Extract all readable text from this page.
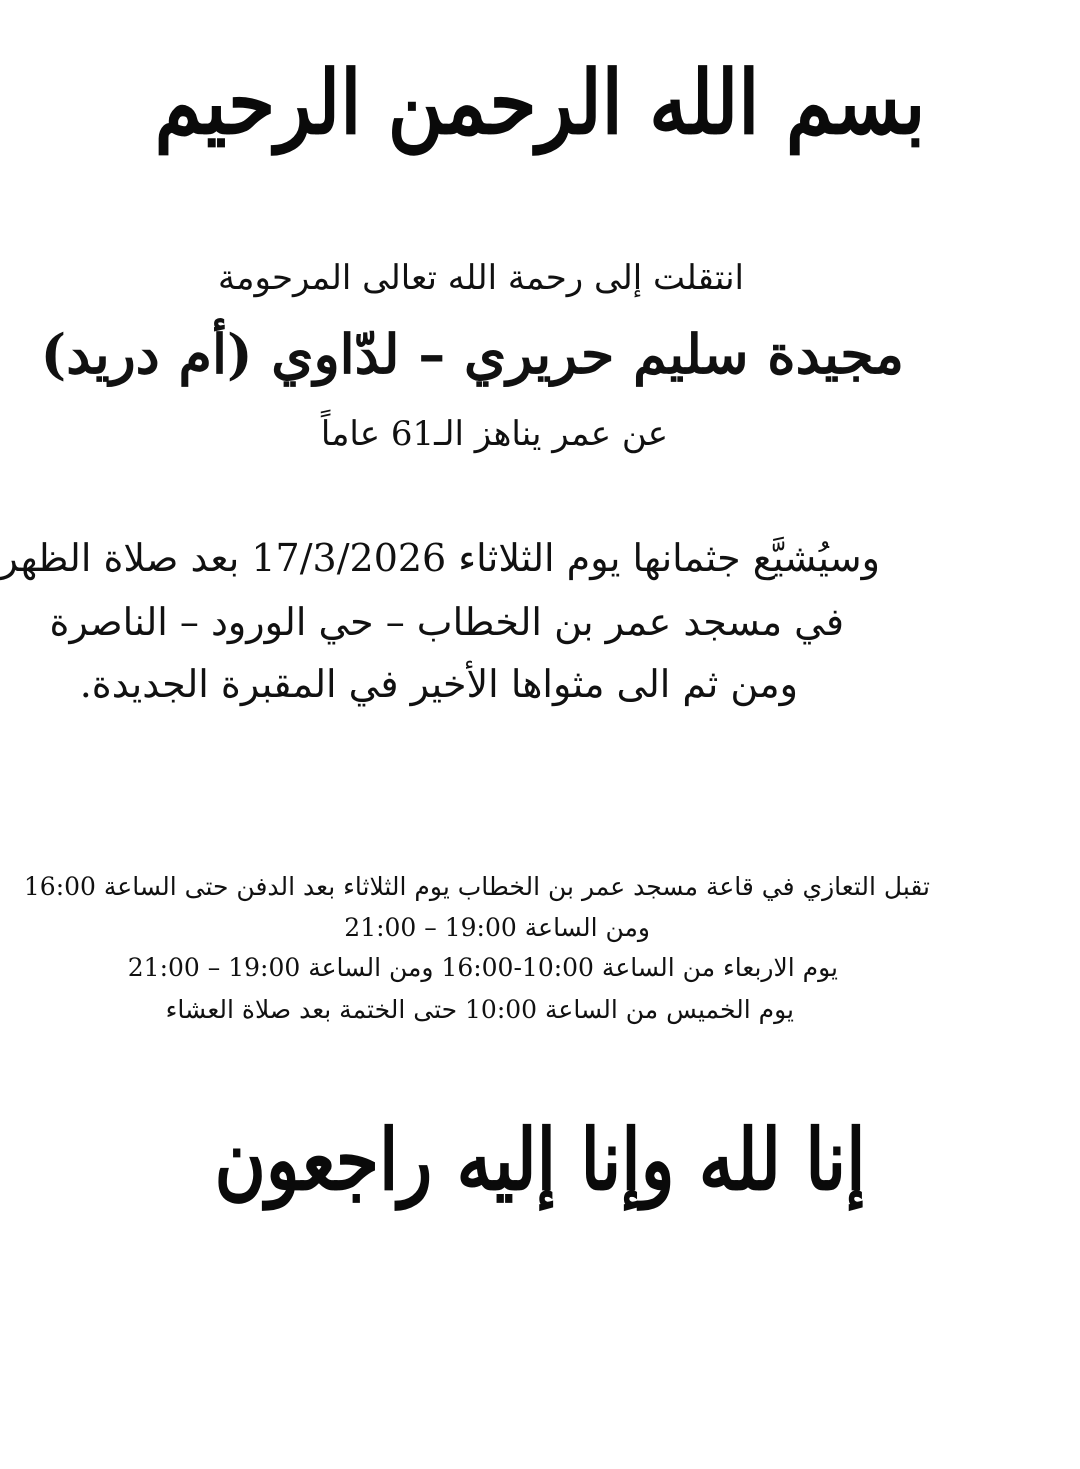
بسم الله الرحمن الرحيم
انتقلت إلى رحمة الله تعالى المرحومة
مجيدة سليم حريري – لدّاوي (أم دريد)
عن عمر يناهز الـ61 عاماً
وسيُشيَّع جثمانها يوم الثلاثاء 17/3/2026 بعد صلاة الظهر
في مسجد عمر بن الخطاب – حي الورود – الناصرة
ومن ثم الى مثواها الأخير في المقبرة الجديدة.
تقبل التعازي في قاعة مسجد عمر بن الخطاب يوم الثلاثاء بعد الدفن حتى الساعة 16:00
ومن الساعة 19:00 – 21:00
يوم الاربعاء من الساعة 10:00-16:00 ومن الساعة 19:00 – 21:00
يوم الخميس من الساعة 10:00 حتى الختمة بعد صلاة العشاء
إنا لله وإنا إليه راجعون
